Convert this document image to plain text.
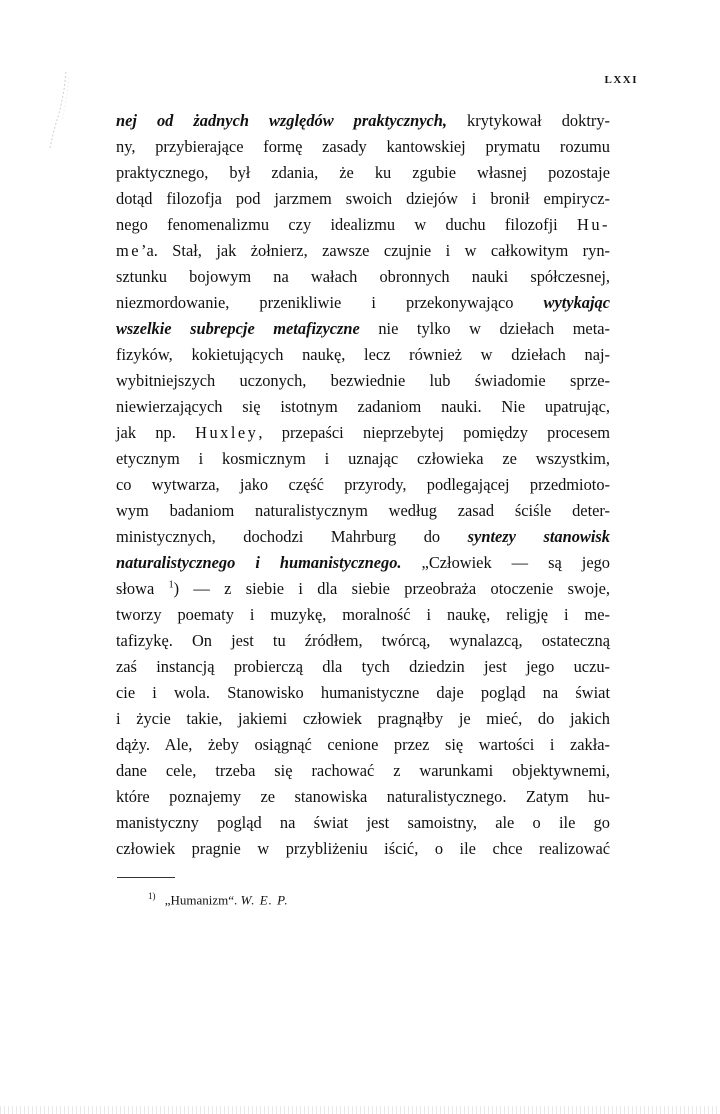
LXXI
nej od żadnych względów praktycznych, krytykował doktry-
ny, przybierające formę zasady kantowskiej prymatu rozumu
praktycznego, był zdania, że ku zgubie własnej pozostaje
dotąd filozofja pod jarzmem swoich dziejów i bronił empirycz-
nego fenomenalizmu czy idealizmu w duchu filozofji Hu-
me’a. Stał, jak żołnierz, zawsze czujnie i w całkowitym ryn-
sztunku bojowym na wałach obronnych nauki spółczesnej,
niezmordowanie, przenikliwie i przekonywająco wytykając
wszelkie subrepcje metafizyczne nie tylko w dziełach meta-
fizyków, kokietujących naukę, lecz również w dziełach naj-
wybitniejszych uczonych, bezwiednie lub świadomie sprze-
niewierzających się istotnym zadaniom nauki. Nie upatrując,
jak np. Huxley, przepaści nieprzebytej pomiędzy procesem
etycznym i kosmicznym i uznając człowieka ze wszystkim,
co wytwarza, jako część przyrody, podlegającej przedmioto-
wym badaniom naturalistycznym według zasad ściśle deter-
ministycznych, dochodzi Mahrburg do syntezy stanowisk
naturalistycznego i humanistycznego. „Człowiek — są jego
słowa $^1$) — z siebie i dla siebie przeobraża otoczenie swoje,
tworzy poematy i muzykę, moralność i naukę, religję i me-
tafizykę. On jest tu źródłem, twórcą, wynalazcą, ostateczną
zaś instancją probierczą dla tych dziedzin jest jego uczu-
cie i wola. Stanowisko humanistyczne daje pogląd na świat
i życie takie, jakiemi człowiek pragnąłby je mieć, do jakich
dąży. Ale, żeby osiągnąć cenione przez się wartości i zakła-
dane cele, trzeba się rachować z warunkami objektywnemi,
które poznajemy ze stanowiska naturalistycznego. Zatym hu-
manistyczny pogląd na świat jest samoistny, ale o ile go
człowiek pragnie w przybliżeniu iścić, o ile chce realizować
$^{1)}$ „Humanizm“. W. E. P.
